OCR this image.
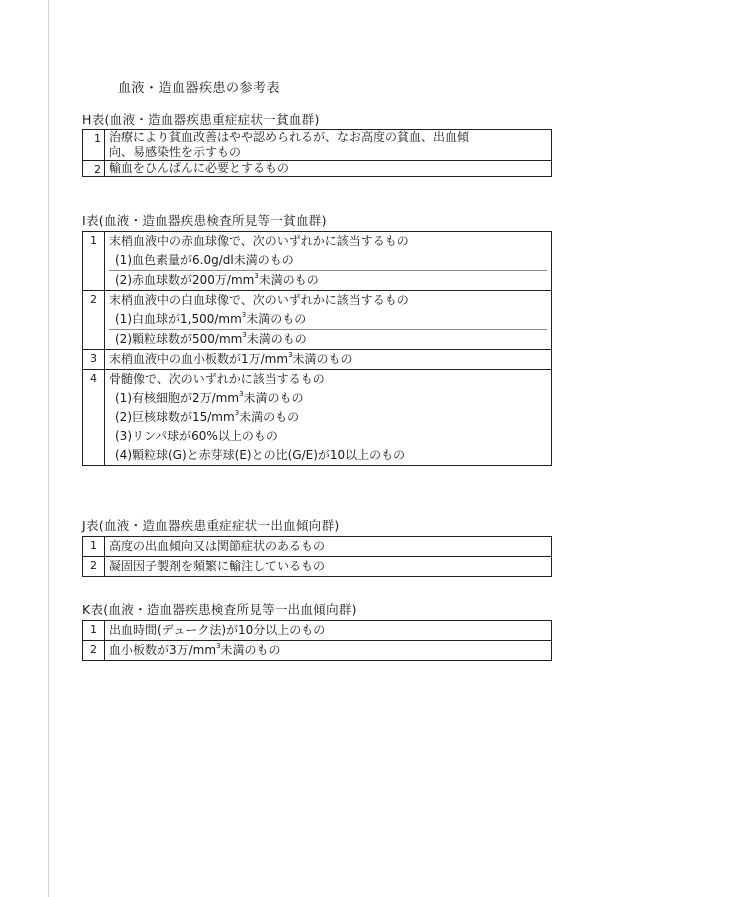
血液・造血器疾患の参考表
H表(血液・造血器疾患重症症状一貧血群)
1 治療により貧血改善はやや認められるが、なお高度の貧血、出血傾
向、易感染性を示すもの
2 輸血をひんぱんに必要とするもの
I表(血液・造血器疾患検査所見等一貧血群)
1	末梢血液中の赤血球像で、次のいずれかに該当するもの
(1)血色素量が6.0g/dl未満のもの
(2)赤血球数が200万$/mm^3$未満のもの
2	末梢血液中の白血球像で、次のいずれかに該当するもの
(1)白血球が$1,500/mm^3$未満のもの
(2)顆粒球数が$500/mm^3$未満のもの
3	末梢血液中の血小板数が1万$/mm^3$未満のもの
4	骨髄像で、次のいずれかに該当するもの
(1)有核細胞が2万$/mm^3$未満のもの
(2)巨核球数が$15/mm^3$未満のもの
(3)リンパ球が60%以上のもの
(4)顆粒球(G)と赤芽球(E)との比(G/E)が10以上のもの
J表(血液・造血器疾患重症症状一出血傾向群)
1	高度の出血傾向又は関節症状のあるもの
2	凝固因子製剤を頻繁に輸注しているもの
K表(血液・造血器疾患検査所見等一出血傾向群)
1	出血時間(デューク法)が10分以上のもの
2	血小板数が3万$/mm^3$未満のもの
